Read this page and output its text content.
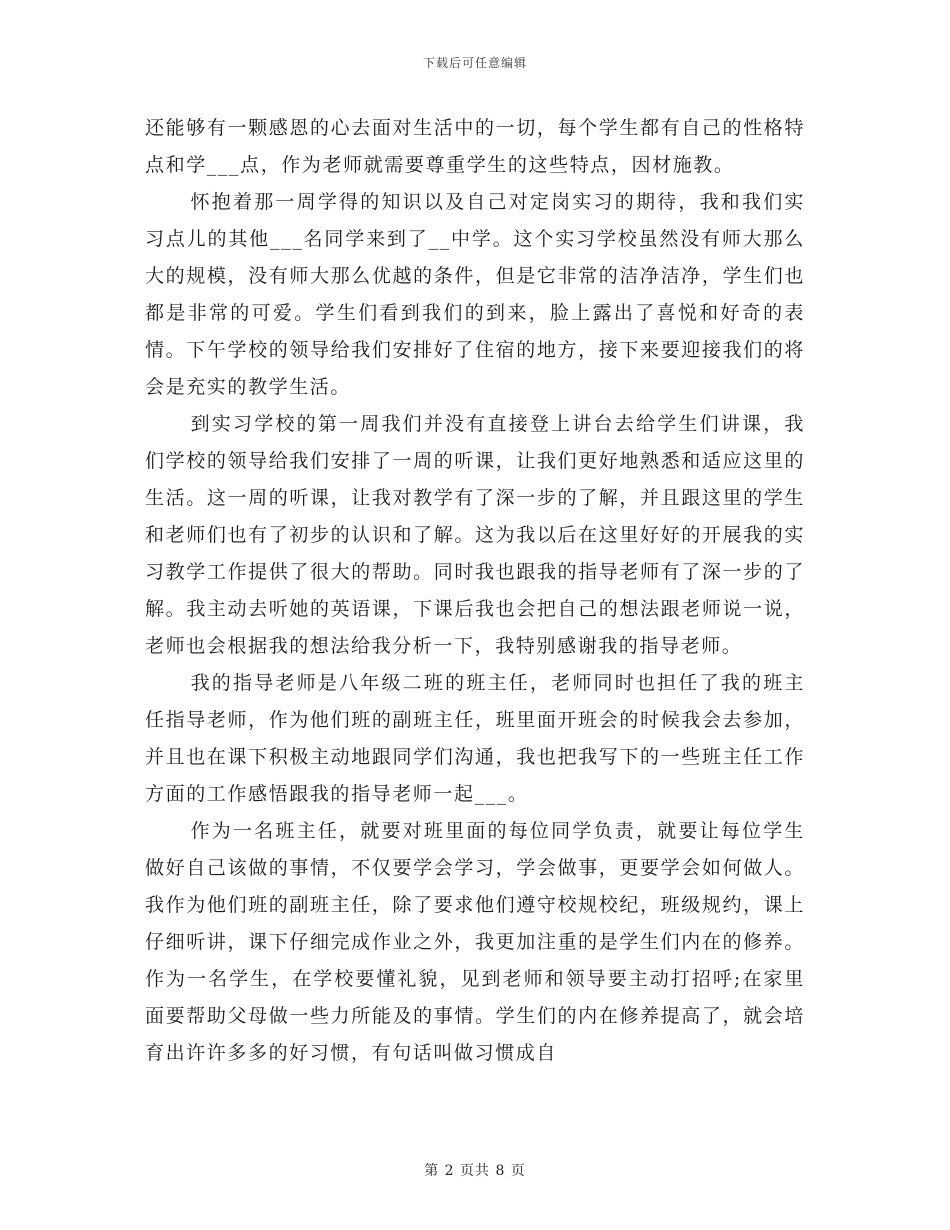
下载后可任意编辑

还能够有一颗感恩的心去面对生活中的一切，每个学生都有自己的性格特点和学___点，作为老师就需要尊重学生的这些特点，因材施教。

怀抱着那一周学得的知识以及自己对定岗实习的期待，我和我们实习点儿的其他___名同学来到了__中学。这个实习学校虽然没有师大那么大的规模，没有师大那么优越的条件，但是它非常的洁净洁净，学生们也都是非常的可爱。学生们看到我们的到来，脸上露出了喜悦和好奇的表情。下午学校的领导给我们安排好了住宿的地方，接下来要迎接我们的将会是充实的教学生活。

到实习学校的第一周我们并没有直接登上讲台去给学生们讲课，我们学校的领导给我们安排了一周的听课，让我们更好地熟悉和适应这里的生活。这一周的听课，让我对教学有了深一步的了解，并且跟这里的学生和老师们也有了初步的认识和了解。这为我以后在这里好好的开展我的实习教学工作提供了很大的帮助。同时我也跟我的指导老师有了深一步的了解。我主动去听她的英语课，下课后我也会把自己的想法跟老师说一说，老师也会根据我的想法给我分析一下，我特别感谢我的指导老师。

我的指导老师是八年级二班的班主任，老师同时也担任了我的班主任指导老师，作为他们班的副班主任，班里面开班会的时候我会去参加，并且也在课下积极主动地跟同学们沟通，我也把我写下的一些班主任工作方面的工作感悟跟我的指导老师一起___。

作为一名班主任，就要对班里面的每位同学负责，就要让每位学生做好自己该做的事情，不仅要学会学习，学会做事，更要学会如何做人。我作为他们班的副班主任，除了要求他们遵守校规校纪，班级规约，课上仔细听讲，课下仔细完成作业之外，我更加注重的是学生们内在的修养。作为一名学生，在学校要懂礼貌，见到老师和领导要主动打招呼;在家里面要帮助父母做一些力所能及的事情。学生们的内在修养提高了，就会培育出许许多多的好习惯，有句话叫做习惯成自

第 2 页共 8 页
